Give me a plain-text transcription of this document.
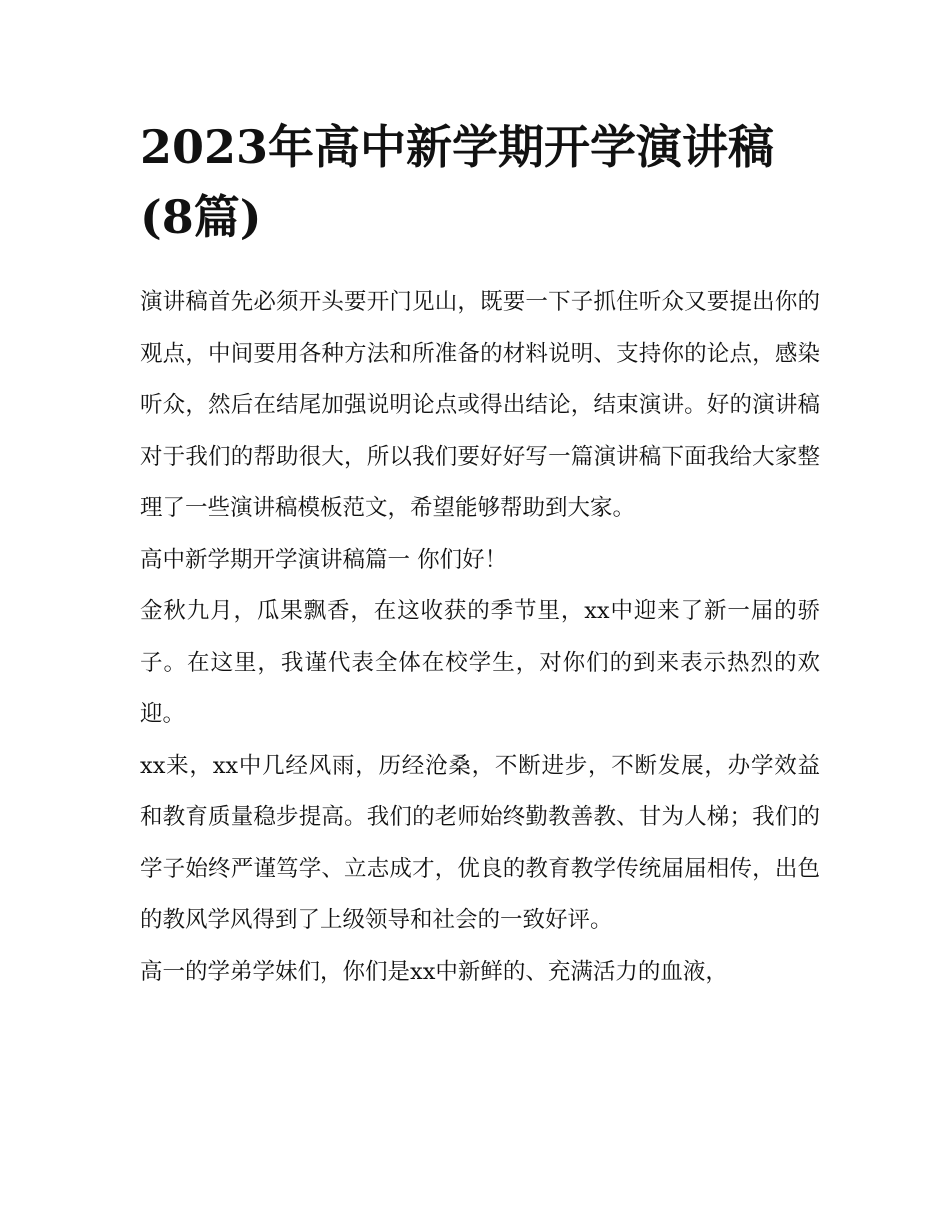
2023年高中新学期开学演讲稿(8篇)

演讲稿首先必须开头要开门见山，既要一下子抓住听众又要提出你的观点，中间要用各种方法和所准备的材料说明、支持你的论点，感染听众，然后在结尾加强说明论点或得出结论，结束演讲。好的演讲稿对于我们的帮助很大，所以我们要好好写一篇演讲稿下面我给大家整理了一些演讲稿模板范文，希望能够帮助到大家。

高中新学期开学演讲稿篇一 你们好！

金秋九月，瓜果飘香，在这收获的季节里，xx中迎来了新一届的骄子。在这里，我谨代表全体在校学生，对你们的到来表示热烈的欢迎。

xx来，xx中几经风雨，历经沧桑，不断进步，不断发展，办学效益和教育质量稳步提高。我们的老师始终勤教善教、甘为人梯；我们的学子始终严谨笃学、立志成才，优良的教育教学传统届届相传，出色的教风学风得到了上级领导和社会的一致好评。

高一的学弟学妹们，你们是xx中新鲜的、充满活力的血液，
